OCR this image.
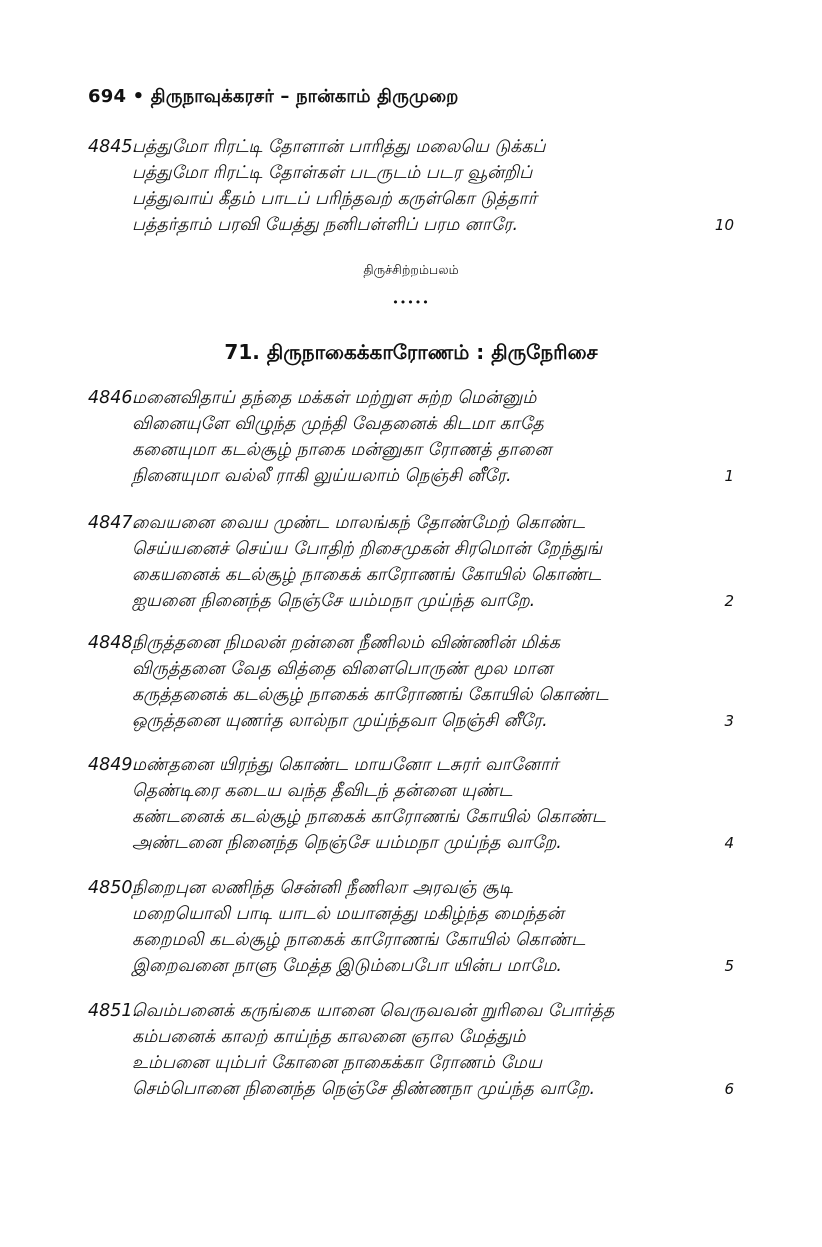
694 • திருநாவுக்கரசர் – நான்காம் திருமுறை
4845.பத்துமோ ரிரட்டி தோளான் பாரித்து மலையெ டுக்கப்
பத்துமோ ரிரட்டி தோள்கள் படருடம் படர வூன்றிப்
பத்துவாய் கீதம் பாடப் பரிந்தவற் கருள்கொ டுத்தார்
பத்தர்தாம் பரவி யேத்து நனிபள்ளிப் பரம னாரே.	10
திருச்சிற்றம்பலம்
•••••
71. திருநாகைக்காரோணம் : திருநேரிசை
4846.மனைவிதாய் தந்தை மக்கள் மற்றுள சுற்ற மென்னும்
வினையுளே விழுந்த முந்தி வேதனைக் கிடமா காதே
கனையுமா கடல்சூழ் நாகை மன்னுகா ரோணத் தானை
நினையுமா வல்லீ ராகி லுய்யலாம் நெஞ்சி னீரே.	1
4847.வையனை வைய முண்ட மாலங்கந் தோண்மேற் கொண்ட
செய்யனைச் செய்ய போதிற் றிசைமுகன் சிரமொன் றேந்துங்
கையனைக் கடல்சூழ் நாகைக் காரோணங் கோயில் கொண்ட
ஐயனை நினைந்த நெஞ்சே யம்மநா முய்ந்த வாறே.	2
4848.நிருத்தனை நிமலன் றன்னை நீணிலம் விண்ணின் மிக்க
விருத்தனை வேத வித்தை விளைபொருண் மூல மான
கருத்தனைக் கடல்சூழ் நாகைக் காரோணங் கோயில் கொண்ட
ஒருத்தனை யுணர்த லால்நா முய்ந்தவா நெஞ்சி னீரே.	3
4849.மண்தனை யிரந்து கொண்ட மாயனோ டசுரர் வானோர்
தெண்டிரை கடைய வந்த தீவிடந் தன்னை யுண்ட
கண்டனைக் கடல்சூழ் நாகைக் காரோணங் கோயில் கொண்ட
அண்டனை நினைந்த நெஞ்சே யம்மநா முய்ந்த வாறே.	4
4850.நிறைபுன லணிந்த சென்னி நீணிலா அரவஞ் சூடி
மறையொலி பாடி யாடல் மயானத்து மகிழ்ந்த மைந்தன்
கறைமலி கடல்சூழ் நாகைக் காரோணங் கோயில் கொண்ட
இறைவனை நாளு மேத்த இடும்பைபோ யின்ப மாமே.	5
4851.வெம்பனைக் கருங்கை யானை வெருவவன் றுரிவை போர்த்த
கம்பனைக் காலற் காய்ந்த காலனை ஞால மேத்தும்
உம்பனை யும்பர் கோனை நாகைக்கா ரோணம் மேய
செம்பொனை நினைந்த நெஞ்சே திண்ணநா முய்ந்த வாறே.	6
